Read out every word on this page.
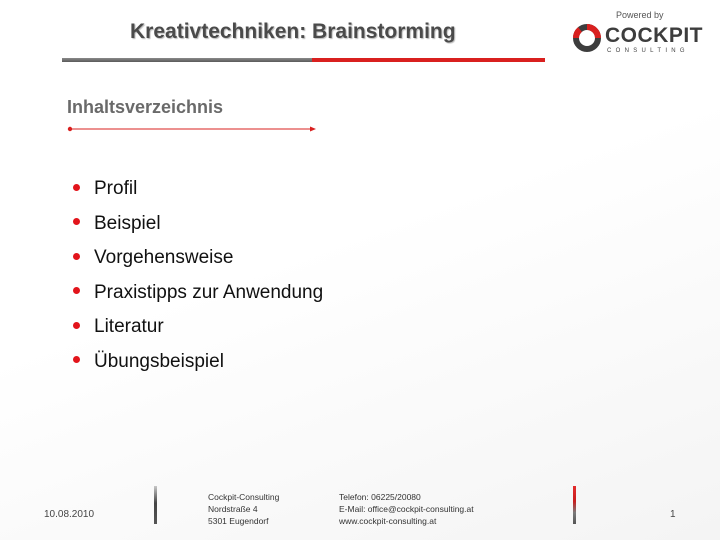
Kreativtechniken: Brainstorming
Powered by
COCKPIT
CONSULTING
Inhaltsverzeichnis
Profil
Beispiel
Vorgehensweise
Praxistipps zur Anwendung
Literatur
Übungsbeispiel
10.08.2010
Cockpit-Consulting
Nordstraße 4
5301 Eugendorf
Telefon: 06225/20080
E-Mail: office@cockpit-consulting.at
www.cockpit-consulting.at
1
